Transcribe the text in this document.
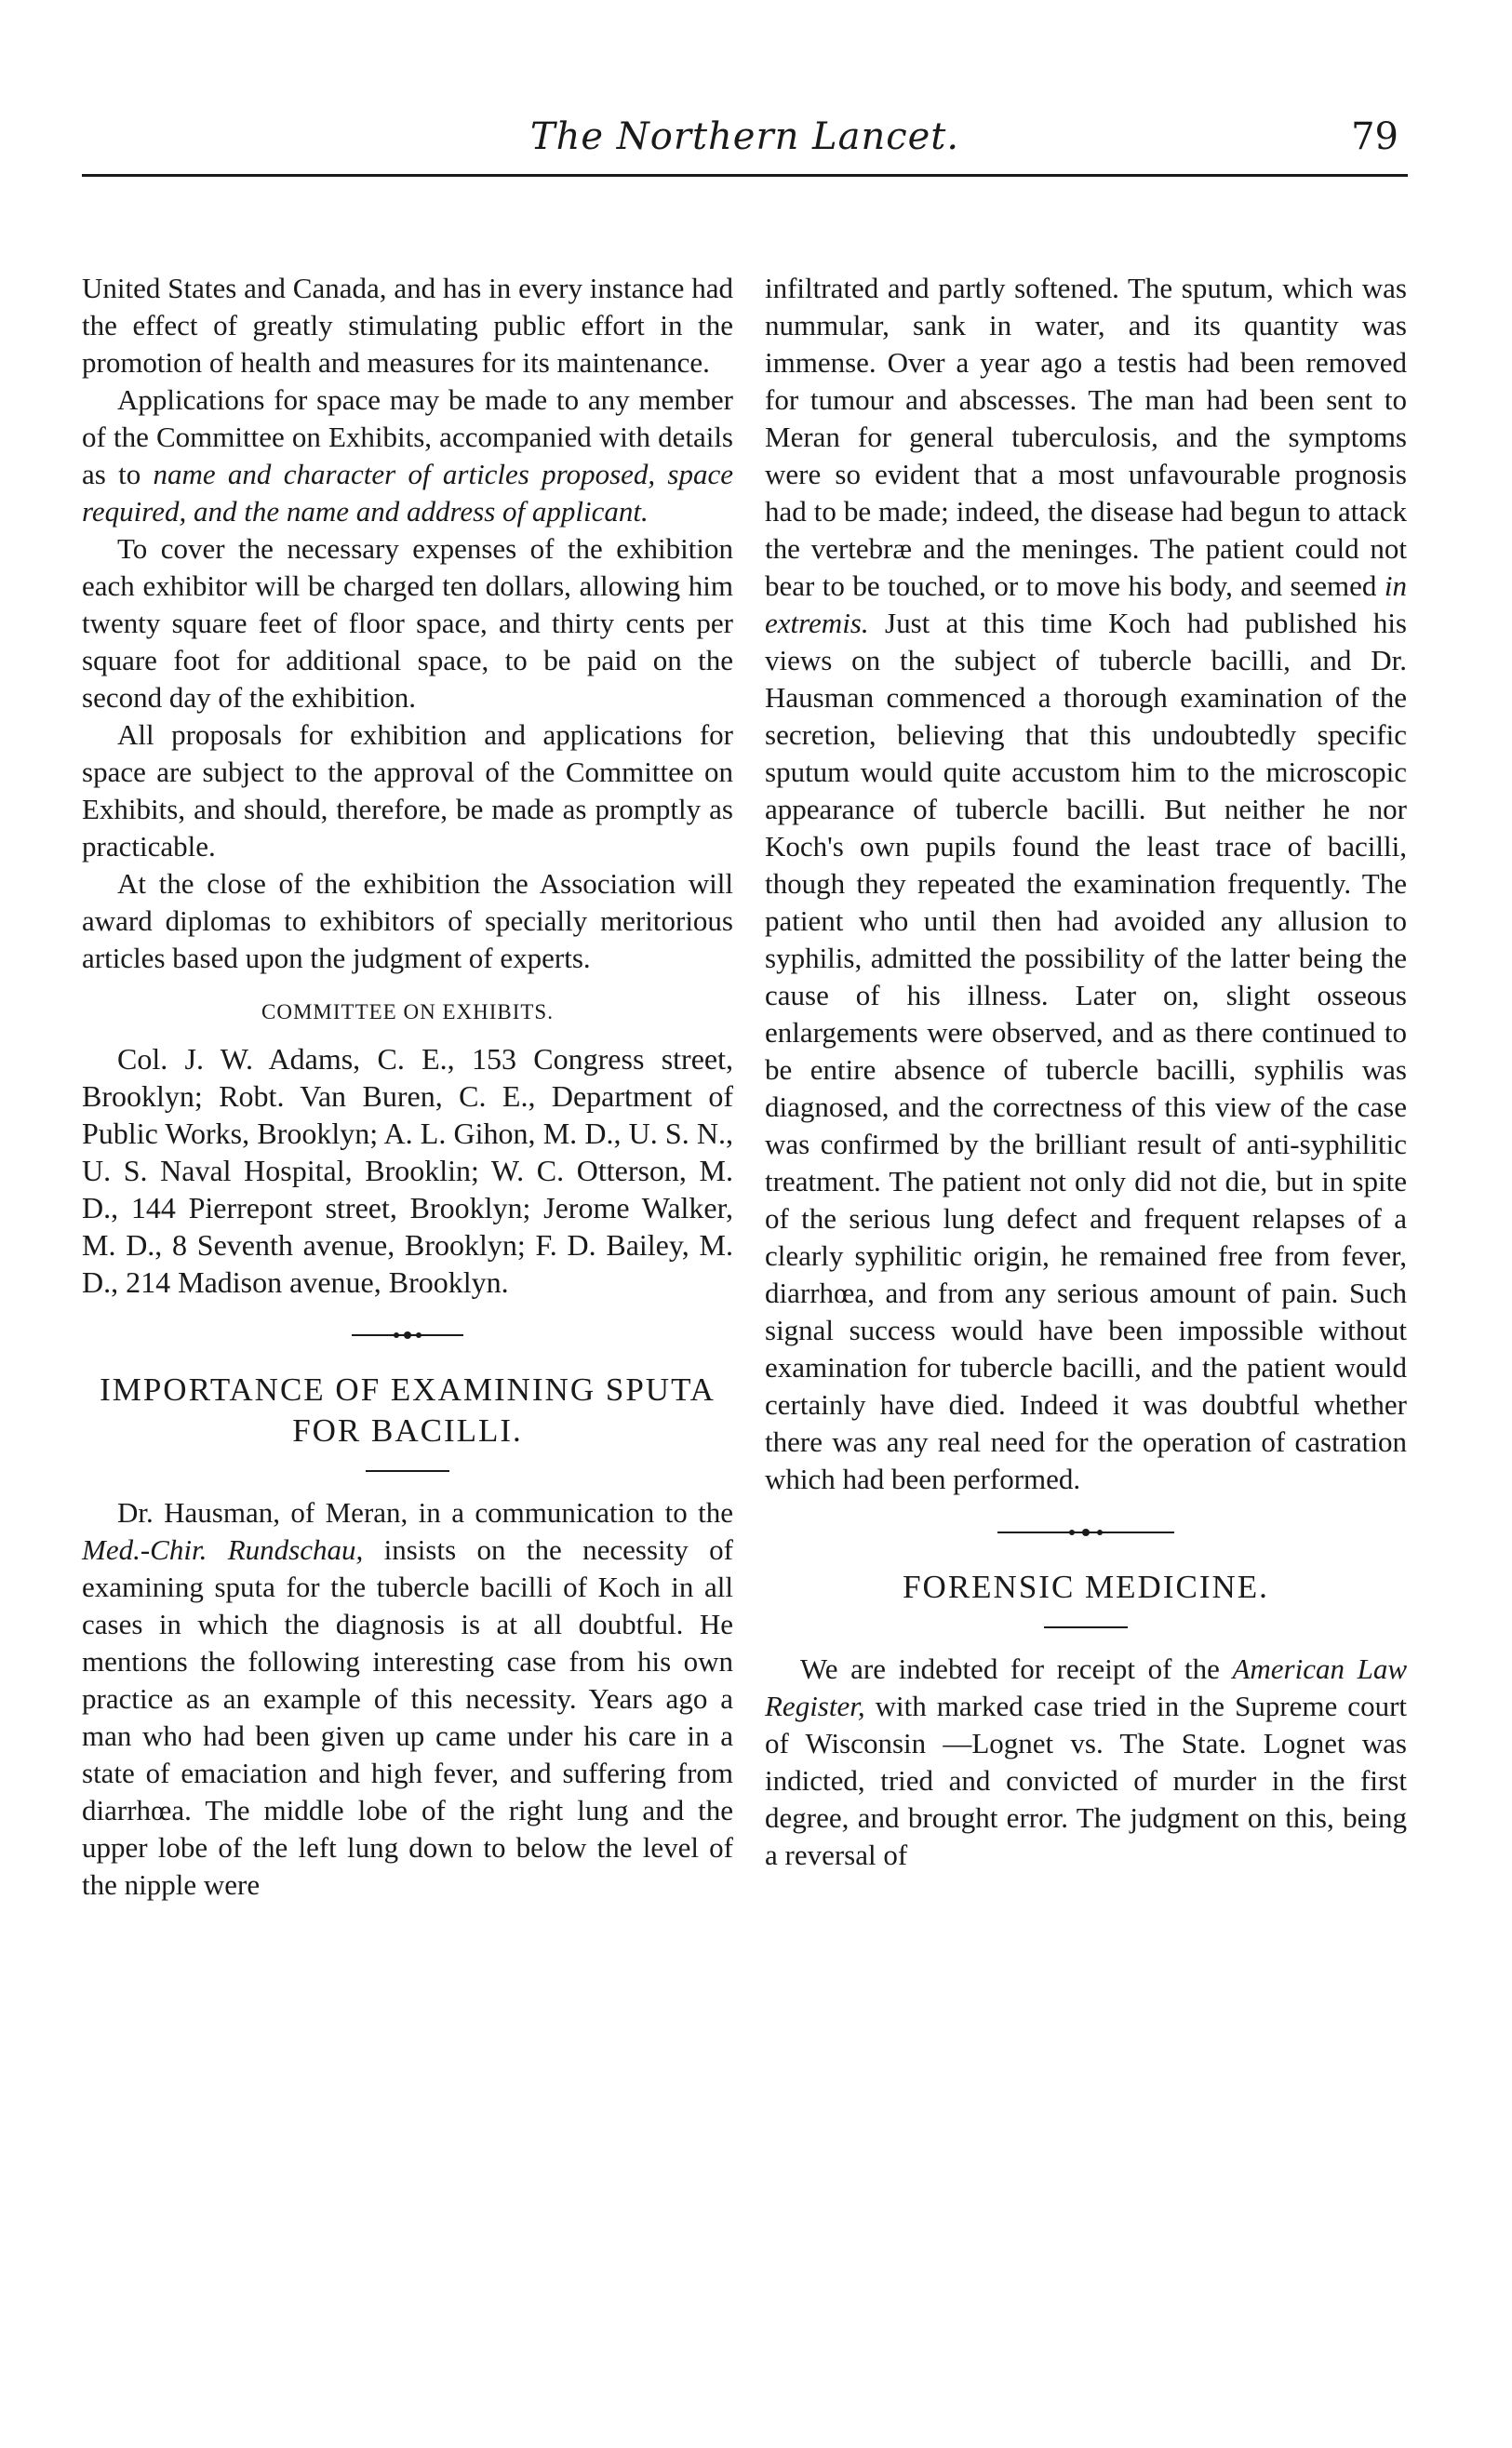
The Northern Lancet.	79

United States and Canada, and has in every instance had the effect of greatly stimulating public effort in the promotion of health and measures for its maintenance.

Applications for space may be made to any member of the Committee on Exhibits, accompanied with details as to name and character of articles proposed, space required, and the name and address of applicant.

To cover the necessary expenses of the exhibition each exhibitor will be charged ten dollars, allowing him twenty square feet of floor space, and thirty cents per square foot for additional space, to be paid on the second day of the exhibition.

All proposals for exhibition and applications for space are subject to the approval of the Committee on Exhibits, and should, therefore, be made as promptly as practicable.

At the close of the exhibition the Association will award diplomas to exhibitors of specially meritorious articles based upon the judgment of experts.

COMMITTEE ON EXHIBITS.

Col. J. W. Adams, C. E., 153 Congress street, Brooklyn; Robt. Van Buren, C. E., Department of Public Works, Brooklyn; A. L. Gihon, M. D., U. S. N., U. S. Naval Hospital, Brooklin; W. C. Otterson, M. D., 144 Pierrepont street, Brooklyn; Jerome Walker, M. D., 8 Seventh avenue, Brooklyn; F. D. Bailey, M. D., 214 Madison avenue, Brooklyn.

IMPORTANCE OF EXAMINING SPUTA FOR BACILLI.

Dr. Hausman, of Meran, in a communication to the Med.-Chir. Rundschau, insists on the necessity of examining sputa for the tubercle bacilli of Koch in all cases in which the diagnosis is at all doubtful. He mentions the following interesting case from his own practice as an example of this necessity. Years ago a man who had been given up came under his care in a state of emaciation and high fever, and suffering from diarrhœa. The middle lobe of the right lung and the upper lobe of the left lung down to below the level of the nipple were

infiltrated and partly softened. The sputum, which was nummular, sank in water, and its quantity was immense. Over a year ago a testis had been removed for tumour and abscesses. The man had been sent to Meran for general tuberculosis, and the symptoms were so evident that a most unfavourable prognosis had to be made; indeed, the disease had begun to attack the vertebræ and the meninges. The patient could not bear to be touched, or to move his body, and seemed in extremis. Just at this time Koch had published his views on the subject of tubercle bacilli, and Dr. Hausman commenced a thorough examination of the secretion, believing that this undoubtedly specific sputum would quite accustom him to the microscopic appearance of tubercle bacilli. But neither he nor Koch's own pupils found the least trace of bacilli, though they repeated the examination frequently. The patient who until then had avoided any allusion to syphilis, admitted the possibility of the latter being the cause of his illness. Later on, slight osseous enlargements were observed, and as there continued to be entire absence of tubercle bacilli, syphilis was diagnosed, and the correctness of this view of the case was confirmed by the brilliant result of anti-syphilitic treatment. The patient not only did not die, but in spite of the serious lung defect and frequent relapses of a clearly syphilitic origin, he remained free from fever, diarrhœa, and from any serious amount of pain. Such signal success would have been impossible without examination for tubercle bacilli, and the patient would certainly have died. Indeed it was doubtful whether there was any real need for the operation of castration which had been performed.

FORENSIC MEDICINE.

We are indebted for receipt of the American Law Register, with marked case tried in the Supreme court of Wisconsin —Lognet vs. The State. Lognet was indicted, tried and convicted of murder in the first degree, and brought error. The judgment on this, being a reversal of
